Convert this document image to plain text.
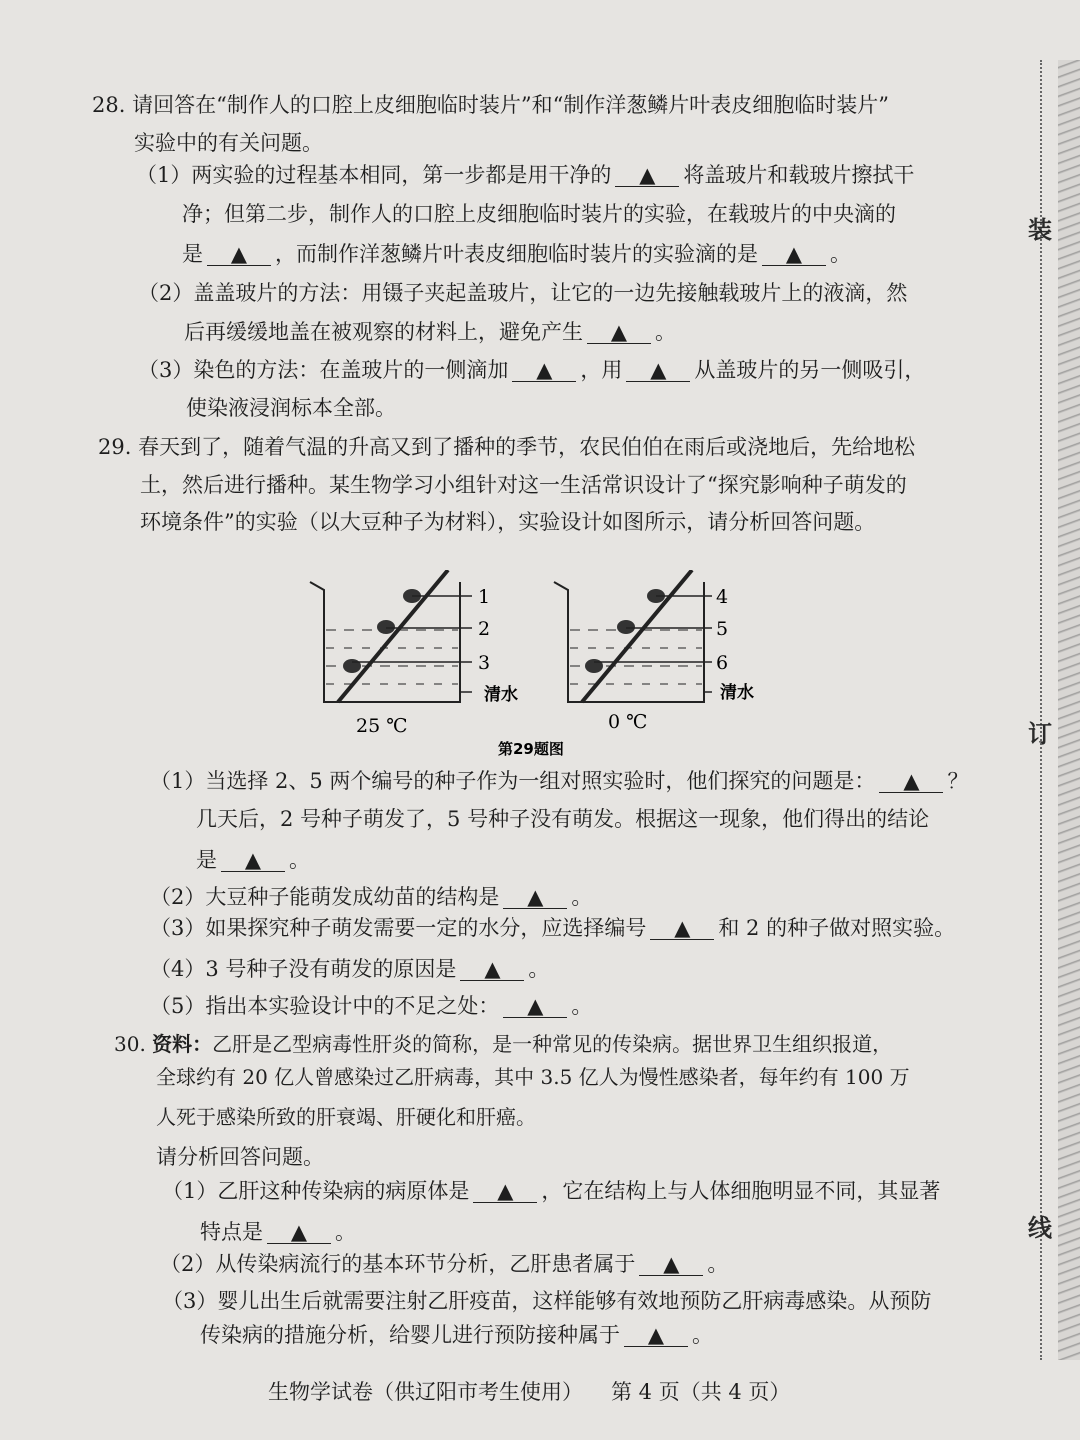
28. 请回答在“制作人的口腔上皮细胞临时装片”和“制作洋葱鳞片叶表皮细胞临时装片”
实验中的有关问题。
（1）两实验的过程基本相同，第一步都是用干净的 ▲ 将盖玻片和载玻片擦拭干
净；但第二步，制作人的口腔上皮细胞临时装片的实验，在载玻片的中央滴的
是 ▲ ，而制作洋葱鳞片叶表皮细胞临时装片的实验滴的是 ▲ 。
（2）盖盖玻片的方法：用镊子夹起盖玻片，让它的一边先接触载玻片上的液滴，然
后再缓缓地盖在被观察的材料上，避免产生 ▲ 。
（3）染色的方法：在盖玻片的一侧滴加 ▲ ，用 ▲ 从盖玻片的另一侧吸引，
使染液浸润标本全部。
29. 春天到了，随着气温的升高又到了播种的季节，农民伯伯在雨后或浇地后，先给地松
土，然后进行播种。某生物学习小组针对这一生活常识设计了“探究影响种子萌发的
环境条件”的实验（以大豆种子为材料），实验设计如图所示，请分析回答问题。
1
2
3
清水
25 ℃
4
5
6
清水
0 ℃
第29题图
（1）当选择 2、5 两个编号的种子作为一组对照实验时，他们探究的问题是： ▲ ？
几天后，2 号种子萌发了，5 号种子没有萌发。根据这一现象，他们得出的结论
是 ▲ 。
（2）大豆种子能萌发成幼苗的结构是 ▲ 。
（3）如果探究种子萌发需要一定的水分，应选择编号 ▲ 和 2 的种子做对照实验。
（4）3 号种子没有萌发的原因是 ▲ 。
（5）指出本实验设计中的不足之处： ▲ 。
30. 资料：乙肝是乙型病毒性肝炎的简称，是一种常见的传染病。据世界卫生组织报道，
全球约有 20 亿人曾感染过乙肝病毒，其中 3.5 亿人为慢性感染者，每年约有 100 万
人死于感染所致的肝衰竭、肝硬化和肝癌。
请分析回答问题。
（1）乙肝这种传染病的病原体是 ▲ ，它在结构上与人体细胞明显不同，其显著
特点是 ▲ 。
（2）从传染病流行的基本环节分析，乙肝患者属于 ▲ 。
（3）婴儿出生后就需要注射乙肝疫苗，这样能够有效地预防乙肝病毒感染。从预防
传染病的措施分析，给婴儿进行预防接种属于 ▲ 。
生物学试卷（供辽阳市考生使用） 第 4 页（共 4 页）
装
订
线
